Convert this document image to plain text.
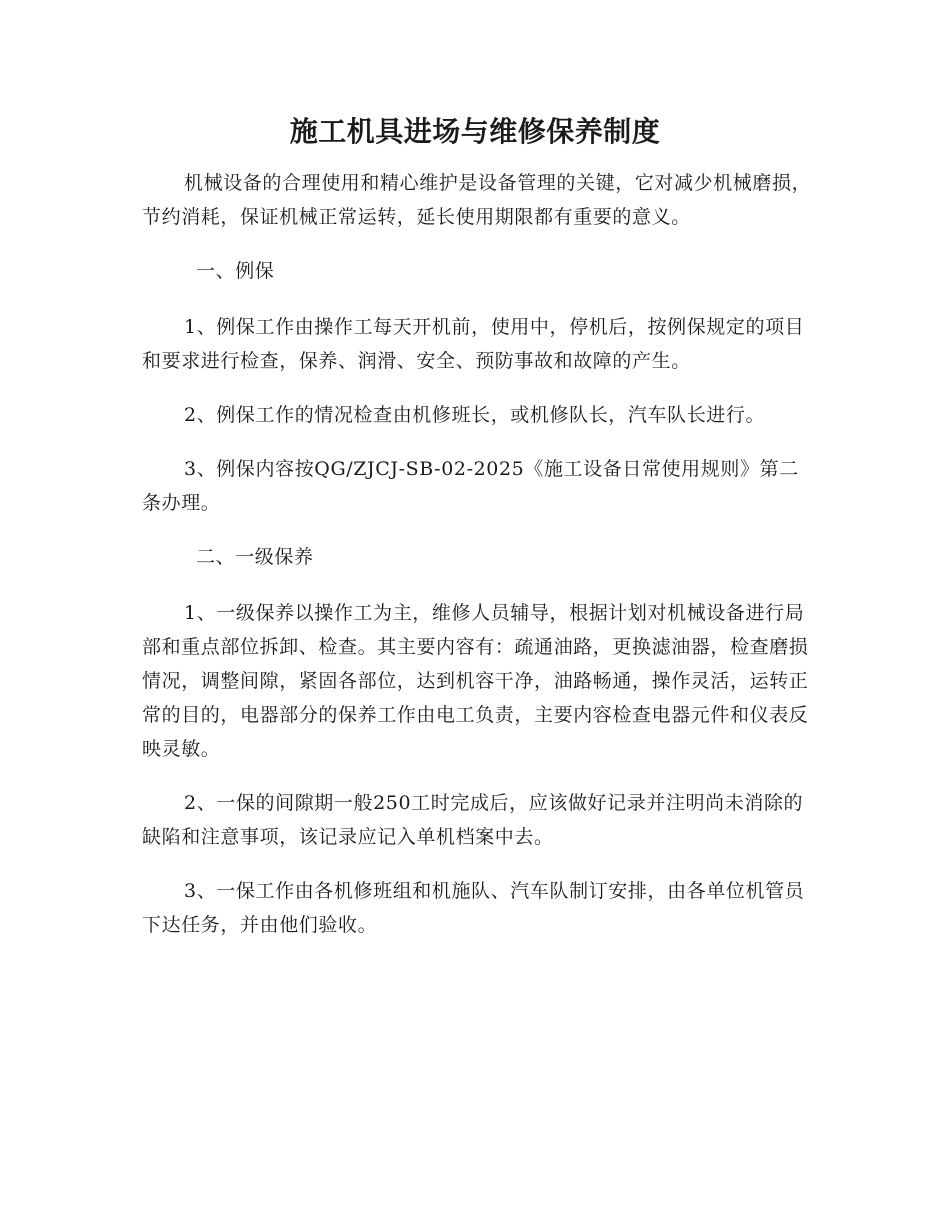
施工机具进场与维修保养制度

机械设备的合理使用和精心维护是设备管理的关键，它对减少机械磨损，节约消耗，保证机械正常运转，延长使用期限都有重要的意义。

一、例保

1、例保工作由操作工每天开机前，使用中，停机后，按例保规定的项目和要求进行检查，保养、润滑、安全、预防事故和故障的产生。

2、例保工作的情况检查由机修班长，或机修队长，汽车队长进行。

3、例保内容按QG/ZJCJ-SB-02-2025《施工设备日常使用规则》第二条办理。

二、一级保养

1、一级保养以操作工为主，维修人员辅导，根据计划对机械设备进行局部和重点部位拆卸、检查。其主要内容有：疏通油路，更换滤油器，检查磨损情况，调整间隙，紧固各部位，达到机容干净，油路畅通，操作灵活，运转正常的目的，电器部分的保养工作由电工负责，主要内容检查电器元件和仪表反映灵敏。

2、一保的间隙期一般250工时完成后，应该做好记录并注明尚未消除的缺陷和注意事项，该记录应记入单机档案中去。

3、一保工作由各机修班组和机施队、汽车队制订安排，由各单位机管员下达任务，并由他们验收。
